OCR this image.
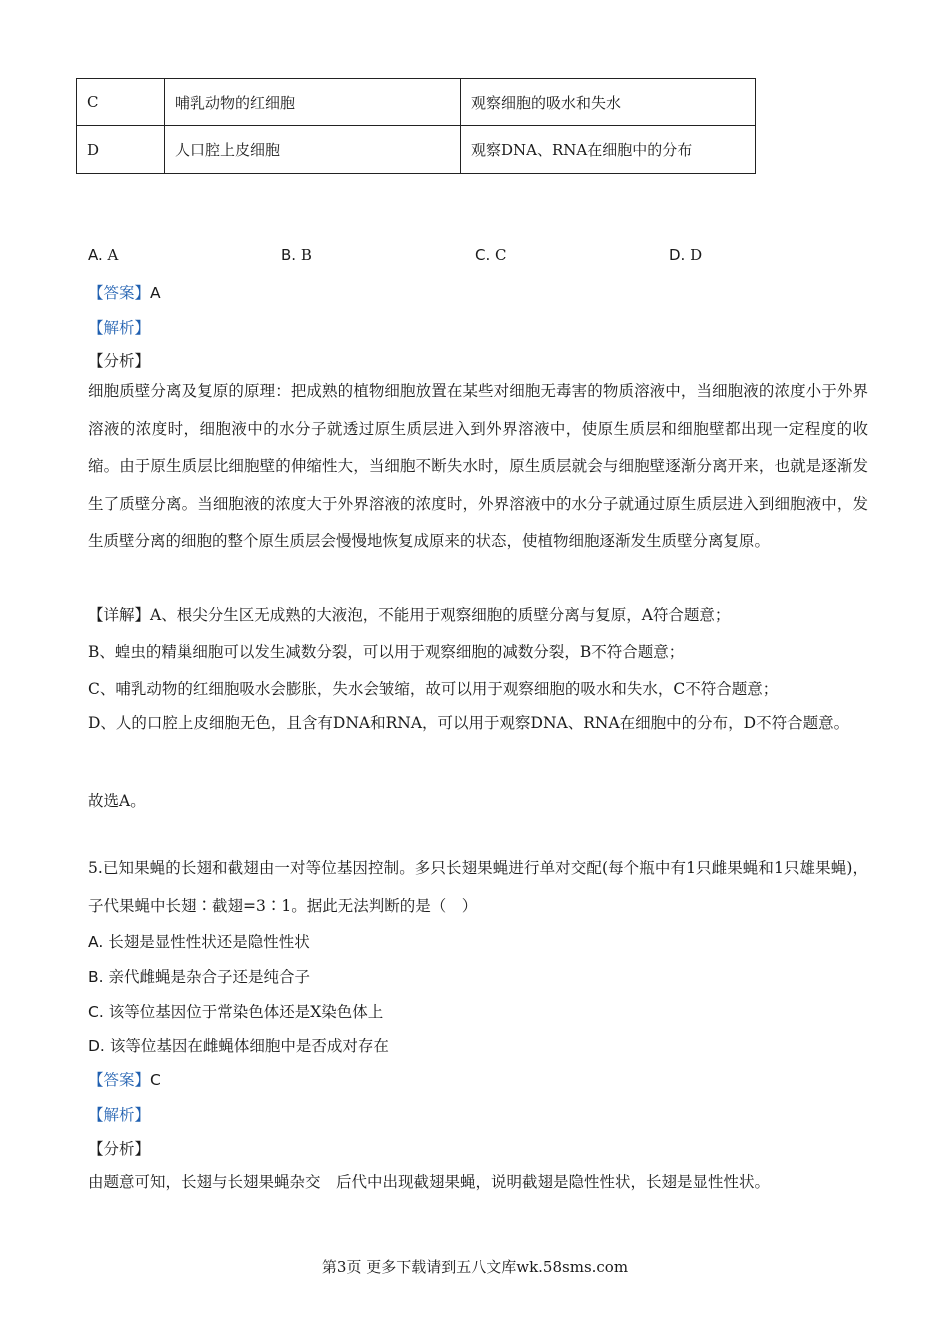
C	哺乳动物的红细胞	观察细胞的吸水和失水
D	人口腔上皮细胞	观察DNA、RNA在细胞中的分布
A. A	B. B	C. C	D. D
【答案】A
【解析】
【分析】
细胞质壁分离及复原的原理：把成熟的植物细胞放置在某些对细胞无毒害的物质溶液中，当细胞液的浓度小于外界溶液的浓度时，细胞液中的水分子就透过原生质层进入到外界溶液中，使原生质层和细胞壁都出现一定程度的收缩。由于原生质层比细胞壁的伸缩性大，当细胞不断失水时，原生质层就会与细胞壁逐渐分离开来，也就是逐渐发生了质壁分离。当细胞液的浓度大于外界溶液的浓度时，外界溶液中的水分子就通过原生质层进入到细胞液中，发生质壁分离的细胞的整个原生质层会慢慢地恢复成原来的状态，使植物细胞逐渐发生质壁分离复原。
【详解】A、根尖分生区无成熟的大液泡，不能用于观察细胞的质壁分离与复原，A符合题意；
B、蝗虫的精巢细胞可以发生减数分裂，可以用于观察细胞的减数分裂，B不符合题意；
C、哺乳动物的红细胞吸水会膨胀，失水会皱缩，故可以用于观察细胞的吸水和失水，C不符合题意；
D、人的口腔上皮细胞无色，且含有DNA和RNA，可以用于观察DNA、RNA在细胞中的分布，D不符合题意。
故选A。
5.已知果蝇的长翅和截翅由一对等位基因控制。多只长翅果蝇进行单对交配(每个瓶中有1只雌果蝇和1只雄果蝇)，子代果蝇中长翅∶截翅=3∶1。据此无法判断的是（　）
A. 长翅是显性性状还是隐性性状
B. 亲代雌蝇是杂合子还是纯合子
C. 该等位基因位于常染色体还是X染色体上
D. 该等位基因在雌蝇体细胞中是否成对存在
【答案】C
【解析】
【分析】
由题意可知，长翅与长翅果蝇杂交　后代中出现截翅果蝇，说明截翅是隐性性状，长翅是显性性状。
第3页 更多下载请到五八文库wk.58sms.com
